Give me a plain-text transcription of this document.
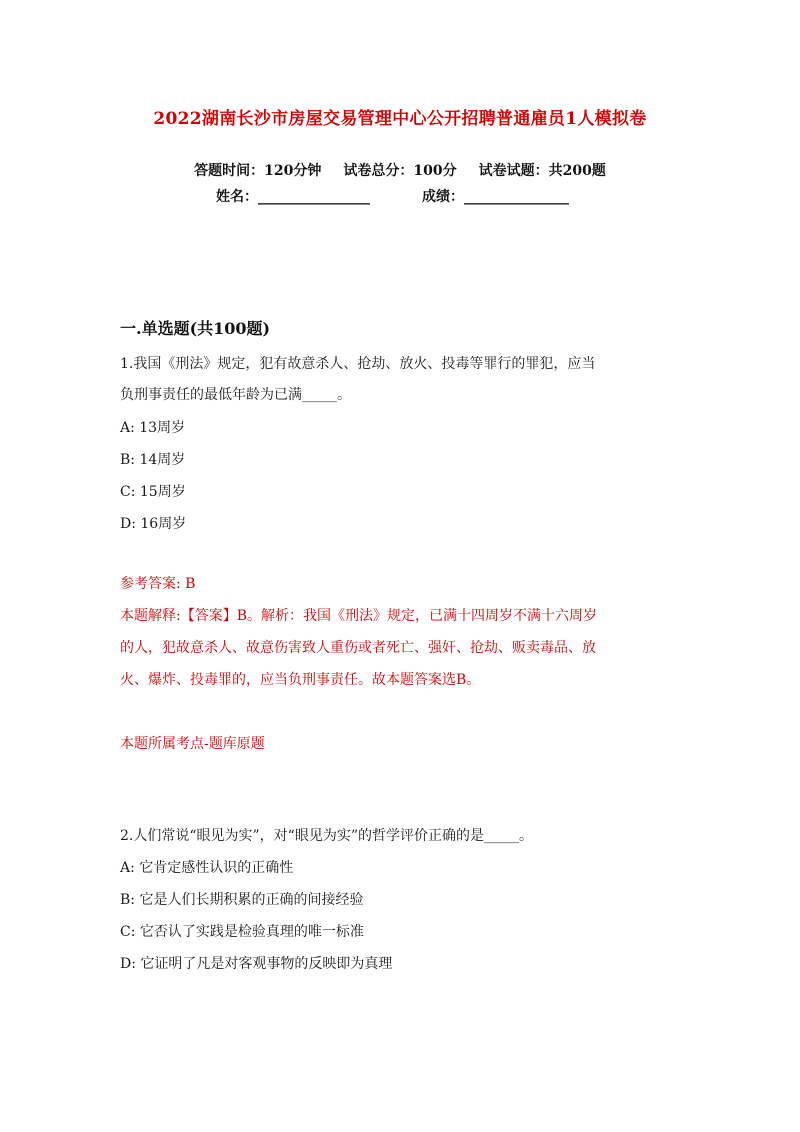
2022湖南长沙市房屋交易管理中心公开招聘普通雇员1人模拟卷
答题时间：120分钟 试卷总分：100分 试卷试题：共200题
姓名：________________	成绩：_______________
一.单选题(共100题)
1.我国《刑法》规定，犯有故意杀人、抢劫、放火、投毒等罪行的罪犯，应当
负刑事责任的最低年龄为已满_____。
A: 13周岁
B: 14周岁
C: 15周岁
D: 16周岁
参考答案: B
本题解释:【答案】B。解析：我国《刑法》规定，已满十四周岁不满十六周岁
的人，犯故意杀人、故意伤害致人重伤或者死亡、强奸、抢劫、贩卖毒品、放
火、爆炸、投毒罪的，应当负刑事责任。故本题答案选B。
本题所属考点-题库原题
2.人们常说“眼见为实”，对“眼见为实”的哲学评价正确的是_____。
A: 它肯定感性认识的正确性
B: 它是人们长期积累的正确的间接经验
C: 它否认了实践是检验真理的唯一标准
D: 它证明了凡是对客观事物的反映即为真理
